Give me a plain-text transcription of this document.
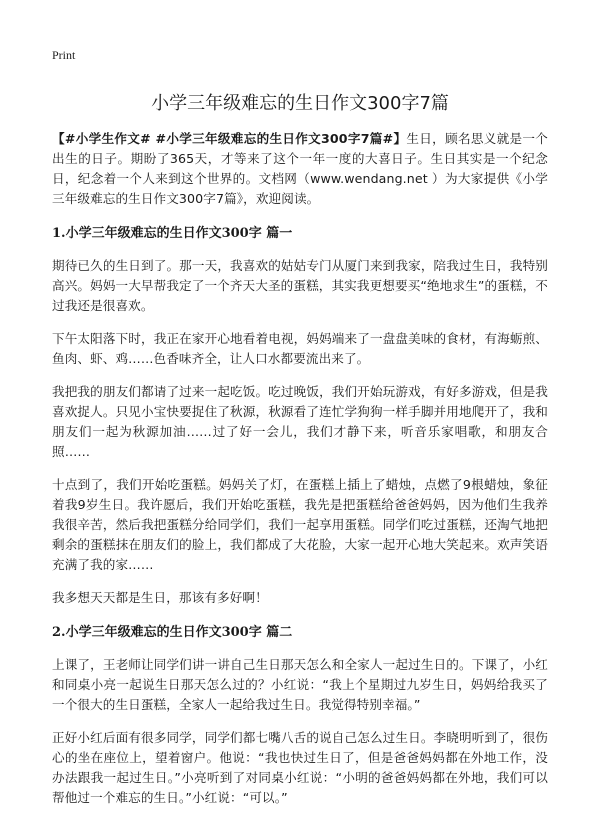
Print
小学三年级难忘的生日作文300字7篇

【#小学生作文# #小学三年级难忘的生日作文300字7篇#】生日，顾名思义就是一个出生的日子。期盼了365天，才等来了这个一年一度的大喜日子。生日其实是一个纪念日，纪念着一个人来到这个世界的。文档网（www.wendang.net ）为大家提供《小学三年级难忘的生日作文300字7篇》，欢迎阅读。

1.小学三年级难忘的生日作文300字 篇一

期待已久的生日到了。那一天，我喜欢的姑姑专门从厦门来到我家，陪我过生日，我特别高兴。妈妈一大早帮我定了一个齐天大圣的蛋糕，其实我更想要买“绝地求生”的蛋糕，不过我还是很喜欢。

下午太阳落下时，我正在家开心地看着电视，妈妈端来了一盘盘美味的食材，有海蛎煎、鱼肉、虾、鸡……色香味齐全，让人口水都要流出来了。

我把我的朋友们都请了过来一起吃饭。吃过晚饭，我们开始玩游戏，有好多游戏，但是我喜欢捉人。只见小宝快要捉住了秋源，秋源看了连忙学狗狗一样手脚并用地爬开了，我和朋友们一起为秋源加油……过了好一会儿，我们才静下来，听音乐家唱歌，和朋友合照……

十点到了，我们开始吃蛋糕。妈妈关了灯，在蛋糕上插上了蜡烛，点燃了9根蜡烛，象征着我9岁生日。我许愿后，我们开始吃蛋糕，我先是把蛋糕给爸爸妈妈，因为他们生我养我很辛苦，然后我把蛋糕分给同学们，我们一起享用蛋糕。同学们吃过蛋糕，还淘气地把剩余的蛋糕抹在朋友们的脸上，我们都成了大花脸，大家一起开心地大笑起来。欢声笑语充满了我的家……

我多想天天都是生日，那该有多好啊！

2.小学三年级难忘的生日作文300字 篇二

上课了，王老师让同学们讲一讲自己生日那天怎么和全家人一起过生日的。下课了，小红和同桌小亮一起说生日那天怎么过的？小红说：“我上个星期过九岁生日，妈妈给我买了一个很大的生日蛋糕，全家人一起给我过生日。我觉得特别幸福。”

正好小红后面有很多同学，同学们都七嘴八舌的说自己怎么过生日。李晓明听到了，很伤心的坐在座位上，望着窗户。他说：“我也快过生日了，但是爸爸妈妈都在外地工作，没办法跟我一起过生日。”小亮听到了对同桌小红说：“小明的爸爸妈妈都在外地，我们可以帮他过一个难忘的生日。”小红说：“可以。”
